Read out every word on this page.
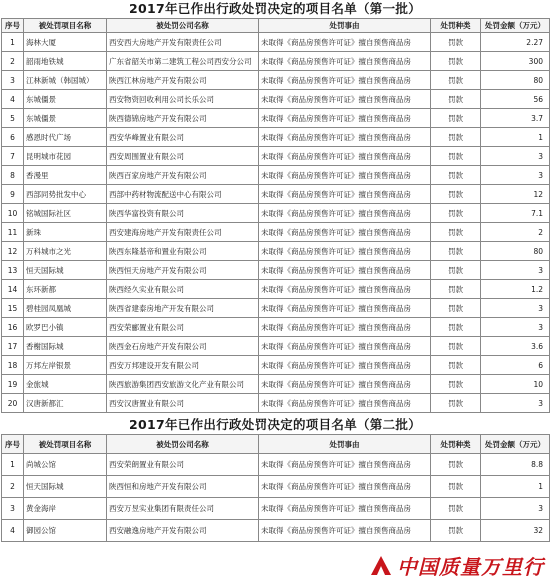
2017年已作出行政处罚决定的项目名单（第一批）
序号	被处罚项目名称	被处罚公司名称	处罚事由	处罚种类	处罚金额（万元）
1	海林大厦	西安西大房地产开发有限责任公司	未取得《商品房预售许可证》擅自预售商品房	罚款	2.27
2	韶雨地铁城	广东省韶关市第二建筑工程公司西安分公司	未取得《商品房预售许可证》擅自预售商品房	罚款	300
3	江林新城（韩国城）	陕西江林房地产开发有限公司	未取得《商品房预售许可证》擅自预售商品房	罚款	80
4	东城僵景	西安物资回收利用公司长乐公司	未取得《商品房预售许可证》擅自预售商品房	罚款	56
5	东城僵景	陕西德锦房地产开发有限公司	未取得《商品房预售许可证》擅自预售商品房	罚款	3.7
6	感恩时代广场	西安华峰置业有限公司	未取得《商品房预售许可证》擅自预售商品房	罚款	1
7	昆明城市花园	西安周围置业有限公司	未取得《商品房预售许可证》擅自预售商品房	罚款	3
8	香漫里	陕西百家房地产开发有限公司	未取得《商品房预售许可证》擅自预售商品房	罚款	3
9	西部同势批发中心	西部中药材物流配送中心有限公司	未取得《商品房预售许可证》擅自预售商品房	罚款	12
10	铭城国际社区	陕西华富投资有限公司	未取得《商品房预售许可证》擅自预售商品房	罚款	7.1
11	新珠	西安建海房地产开发有限责任公司	未取得《商品房预售许可证》擅自预售商品房	罚款	2
12	万科城市之光	陕西东隆基帝和置业有限公司	未取得《商品房预售许可证》擅自预售商品房	罚款	80
13	恒天国际城	陕西恒天房地产开发有限公司	未取得《商品房预售许可证》擅自预售商品房	罚款	3
14	东环新都	陕西经久实业有限公司	未取得《商品房预售许可证》擅自预售商品房	罚款	1.2
15	碧桂园凤凰城	陕西省建泰房地产开发有限公司	未取得《商品房预售许可证》擅自预售商品房	罚款	3
16	欧罗巴小镇	西安荣郦置业有限公司	未取得《商品房预售许可证》擅自预售商品房	罚款	3
17	香榭国际城	陕西金石房地产开发有限公司	未取得《商品房预售许可证》擅自预售商品房	罚款	3.6
18	万邦左岸银景	西安万邦建设开发有限公司	未取得《商品房预售许可证》擅自预售商品房	罚款	6
19	金旅城	陕西旅游集团西安旅游文化产业有限公司	未取得《商品房预售许可证》擅自预售商品房	罚款	10
20	汉唐新都汇	西安汉唐置业有限公司	未取得《商品房预售许可证》擅自预售商品房	罚款	3
2017年已作出行政处罚决定的项目名单（第二批）
序号	被处罚项目名称	被处罚公司名称	处罚事由	处罚种类	处罚金额（万元）
1	尚城公馆	西安荣朗置业有限公司	未取得《商品房预售许可证》擅自预售商品房	罚款	8.8
2	恒天国际城	陕西恒和房地产开发有限公司	未取得《商品房预售许可证》擅自预售商品房	罚款	1
3	黄金海岸	西安万昱实业集团有限责任公司	未取得《商品房预售许可证》擅自预售商品房	罚款	3
4	御园公馆	西安融逸房地产开发有限公司	未取得《商品房预售许可证》擅自预售商品房	罚款	32
中国质量万里行
